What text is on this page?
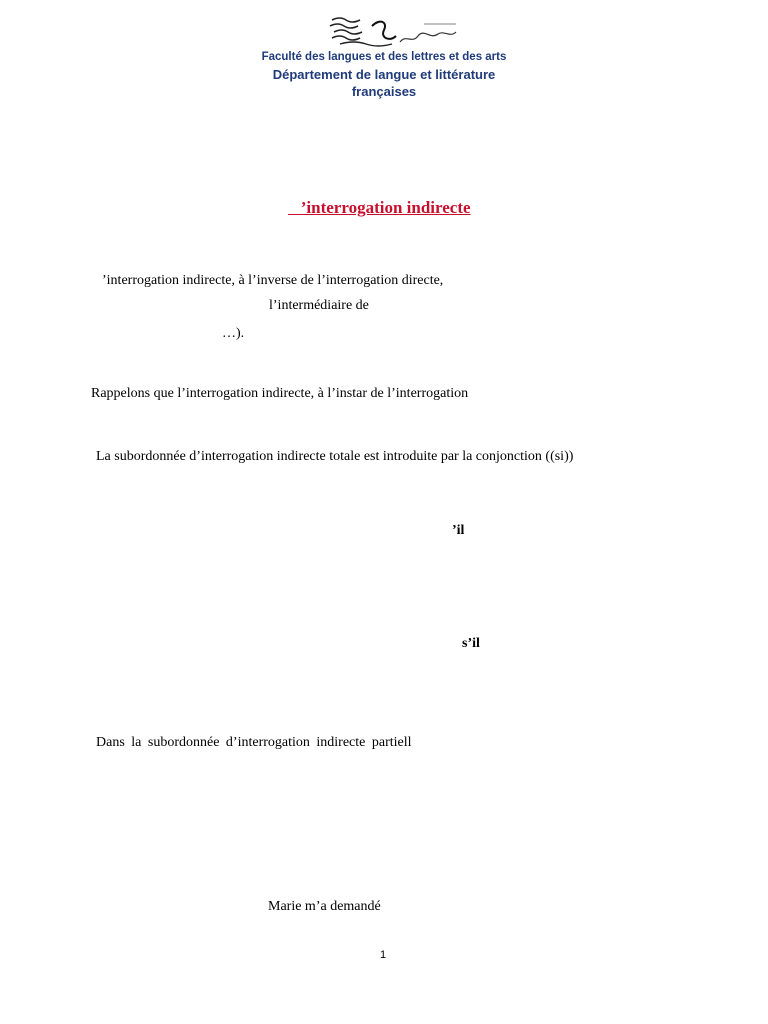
Faculté des langues et des lettres et des arts
Département de langue et littérature
françaises
’interrogation indirecte
’interrogation indirecte, à l’inverse de l’interrogation directe,
l’intermédiaire de
…).
Rappelons que l’interrogation indirecte, à l’instar de l’interrogation
La subordonnée d’interrogation indirecte totale est introduite par la conjonction ((si))
’il
s’il
Dans la subordonnée d’interrogation indirecte partiell
Marie m’a demandé
1
